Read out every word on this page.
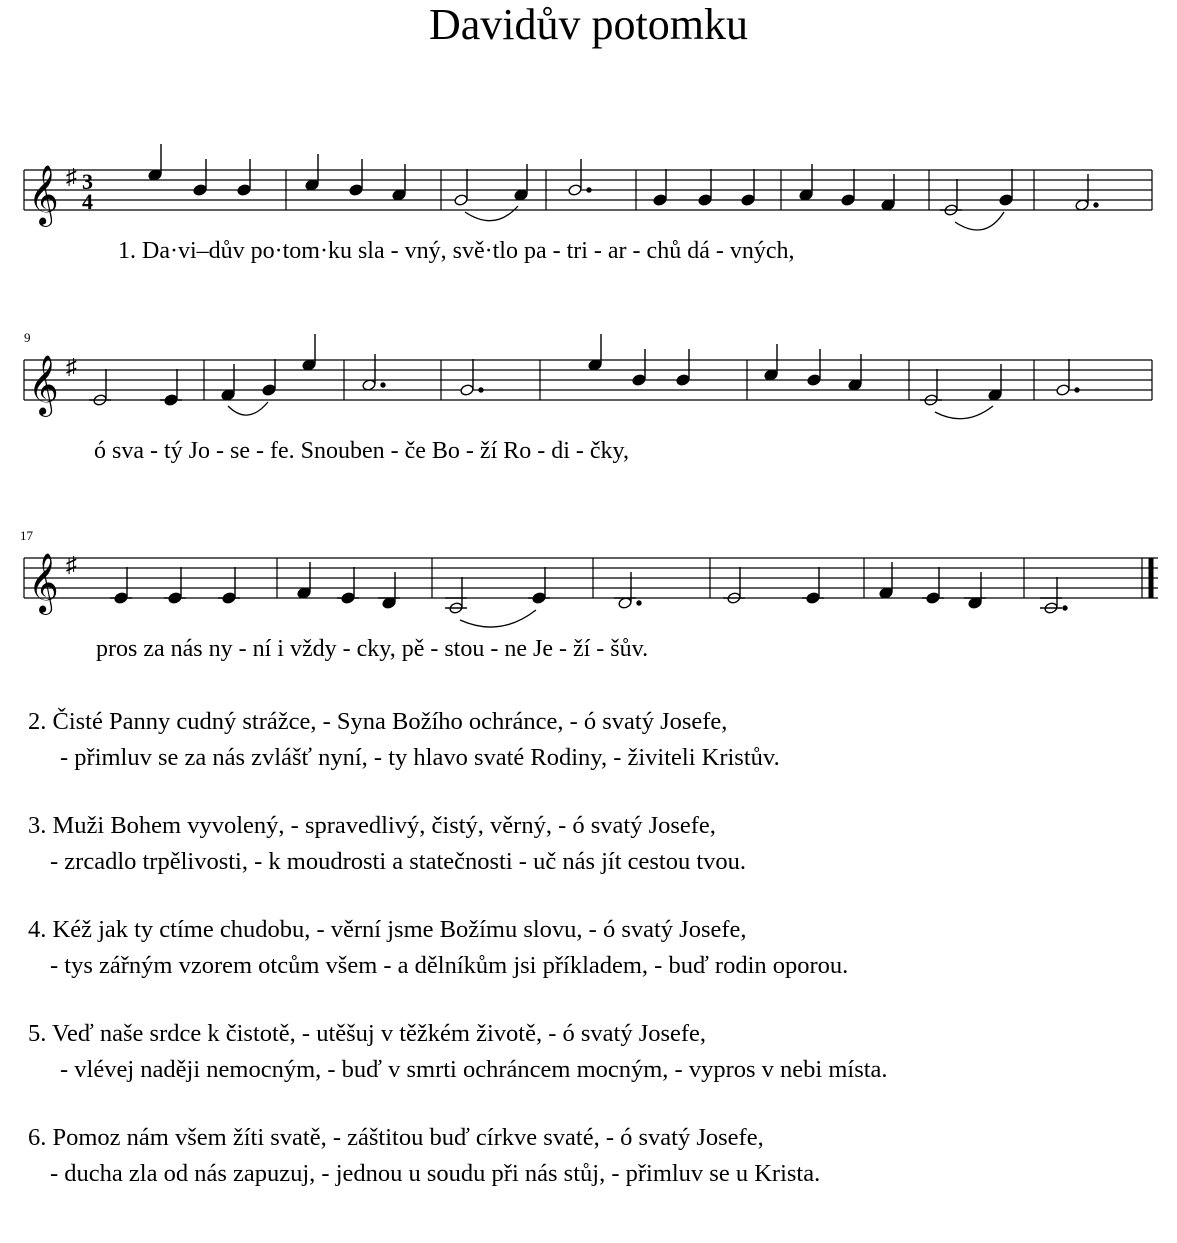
Davidův potomku
𝄞 ♯ 3
4
1. Da·vi–dův po·tom·ku sla - vný, svě·tlo pa - tri - ar - chů dá - vných,
9
𝄞 ♯
ó sva - tý Jo - se - fe. Snouben - če Bo - ží Ro - di - čky,
17
𝄞 ♯
pros za nás ny - ní i vždy - cky, pě - stou - ne Je - ží - šův.
2. Čisté Panny cudný strážce, - Syna Božího ochránce, - ó svatý Josefe,
- přimluv se za nás zvlášť nyní, - ty hlavo svaté Rodiny, - živiteli Kristův.
3. Muži Bohem vyvolený, - spravedlivý, čistý, věrný, - ó svatý Josefe,
- zrcadlo trpělivosti, - k moudrosti a statečnosti - uč nás jít cestou tvou.
4. Kéž jak ty ctíme chudobu, - věrní jsme Božímu slovu, - ó svatý Josefe,
- tys zářným vzorem otcům všem - a dělníkům jsi příkladem, - buď rodin oporou.
5. Veď naše srdce k čistotě, - utěšuj v těžkém životě, - ó svatý Josefe,
- vlévej naději nemocným, - buď v smrti ochráncem mocným, - vypros v nebi místa.
6. Pomoz nám všem žíti svatě, - záštitou buď církve svaté, - ó svatý Josefe,
- ducha zla od nás zapuzuj, - jednou u soudu při nás stůj, - přimluv se u Krista.
